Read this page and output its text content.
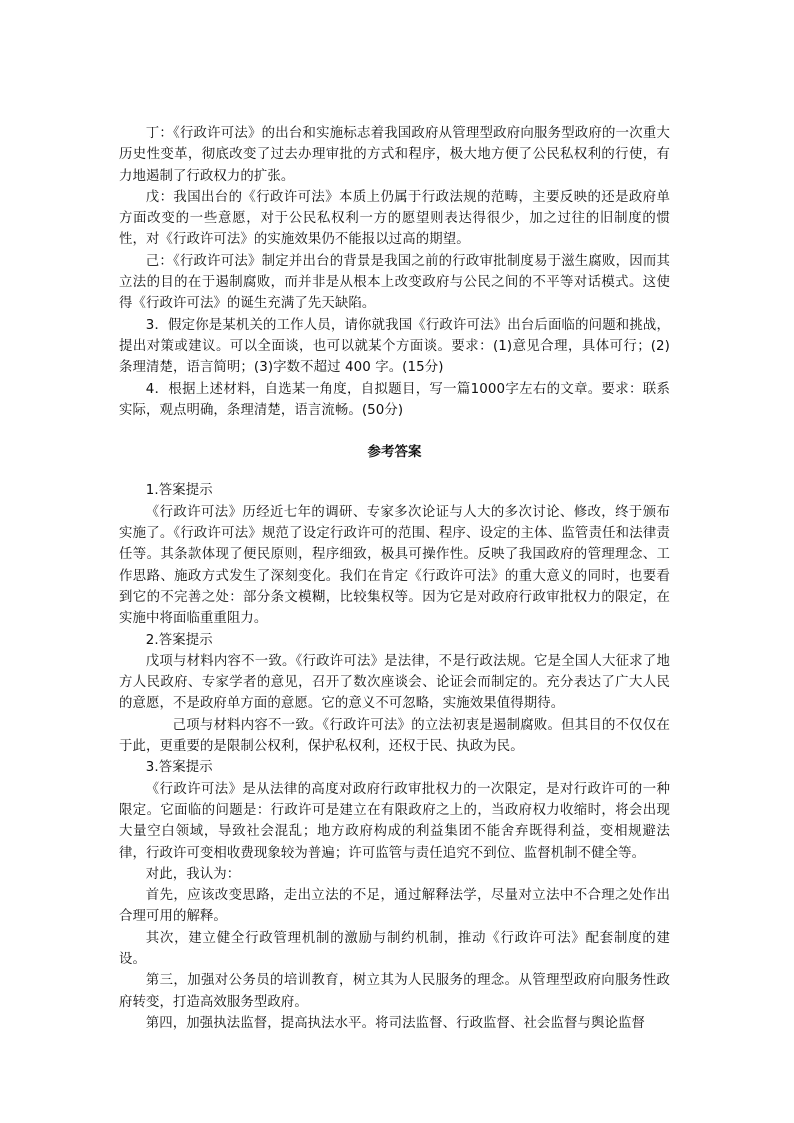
丁：《行政许可法》的出台和实施标志着我国政府从管理型政府向服务型政府的一次重大历史性变革，彻底改变了过去办理审批的方式和程序，极大地方便了公民私权利的行使，有力地遏制了行政权力的扩张。

戊：我国出台的《行政许可法》本质上仍属于行政法规的范畴，主要反映的还是政府单方面改变的一些意愿，对于公民私权利一方的愿望则表达得很少，加之过往的旧制度的惯性，对《行政许可法》的实施效果仍不能报以过高的期望。

己：《行政许可法》制定并出台的背景是我国之前的行政审批制度易于滋生腐败，因而其立法的目的在于遏制腐败，而并非是从根本上改变政府与公民之间的不平等对话模式。这使得《行政许可法》的诞生充满了先天缺陷。

3．假定你是某机关的工作人员，请你就我国《行政许可法》出台后面临的问题和挑战，提出对策或建议。可以全面谈，也可以就某个方面谈。要求：(1)意见合理，具体可行；(2)条理清楚，语言简明；(3)字数不超过 400 字。(15分)

4．根据上述材料，自选某一角度，自拟题目，写一篇1000字左右的文章。要求：联系实际，观点明确，条理清楚，语言流畅。(50分)

参考答案

1.答案提示

《行政许可法》历经近七年的调研、专家多次论证与人大的多次讨论、修改，终于颁布实施了。《行政许可法》规范了设定行政许可的范围、程序、设定的主体、监管责任和法律责任等。其条款体现了便民原则，程序细致，极具可操作性。反映了我国政府的管理理念、工作思路、施政方式发生了深刻变化。我们在肯定《行政许可法》的重大意义的同时，也要看到它的不完善之处：部分条文模糊，比较集权等。因为它是对政府行政审批权力的限定，在实施中将面临重重阻力。

2.答案提示

戊项与材料内容不一致。《行政许可法》是法律，不是行政法规。它是全国人大征求了地方人民政府、专家学者的意见，召开了数次座谈会、论证会而制定的。充分表达了广大人民的意愿，不是政府单方面的意愿。它的意义不可忽略，实施效果值得期待。

己项与材料内容不一致。《行政许可法》的立法初衷是遏制腐败。但其目的不仅仅在于此，更重要的是限制公权利，保护私权利，还权于民、执政为民。

3.答案提示

《行政许可法》是从法律的高度对政府行政审批权力的一次限定，是对行政许可的一种限定。它面临的问题是：行政许可是建立在有限政府之上的，当政府权力收缩时，将会出现大量空白领域，导致社会混乱；地方政府构成的利益集团不能舍弃既得利益，变相规避法律，行政许可变相收费现象较为普遍；许可监管与责任追究不到位、监督机制不健全等。

对此，我认为：

首先，应该改变思路，走出立法的不足，通过解释法学，尽量对立法中不合理之处作出合理可用的解释。

其次，建立健全行政管理机制的激励与制约机制，推动《行政许可法》配套制度的建设。

第三，加强对公务员的培训教育，树立其为人民服务的理念。从管理型政府向服务性政府转变，打造高效服务型政府。

第四，加强执法监督，提高执法水平。将司法监督、行政监督、社会监督与舆论监督
